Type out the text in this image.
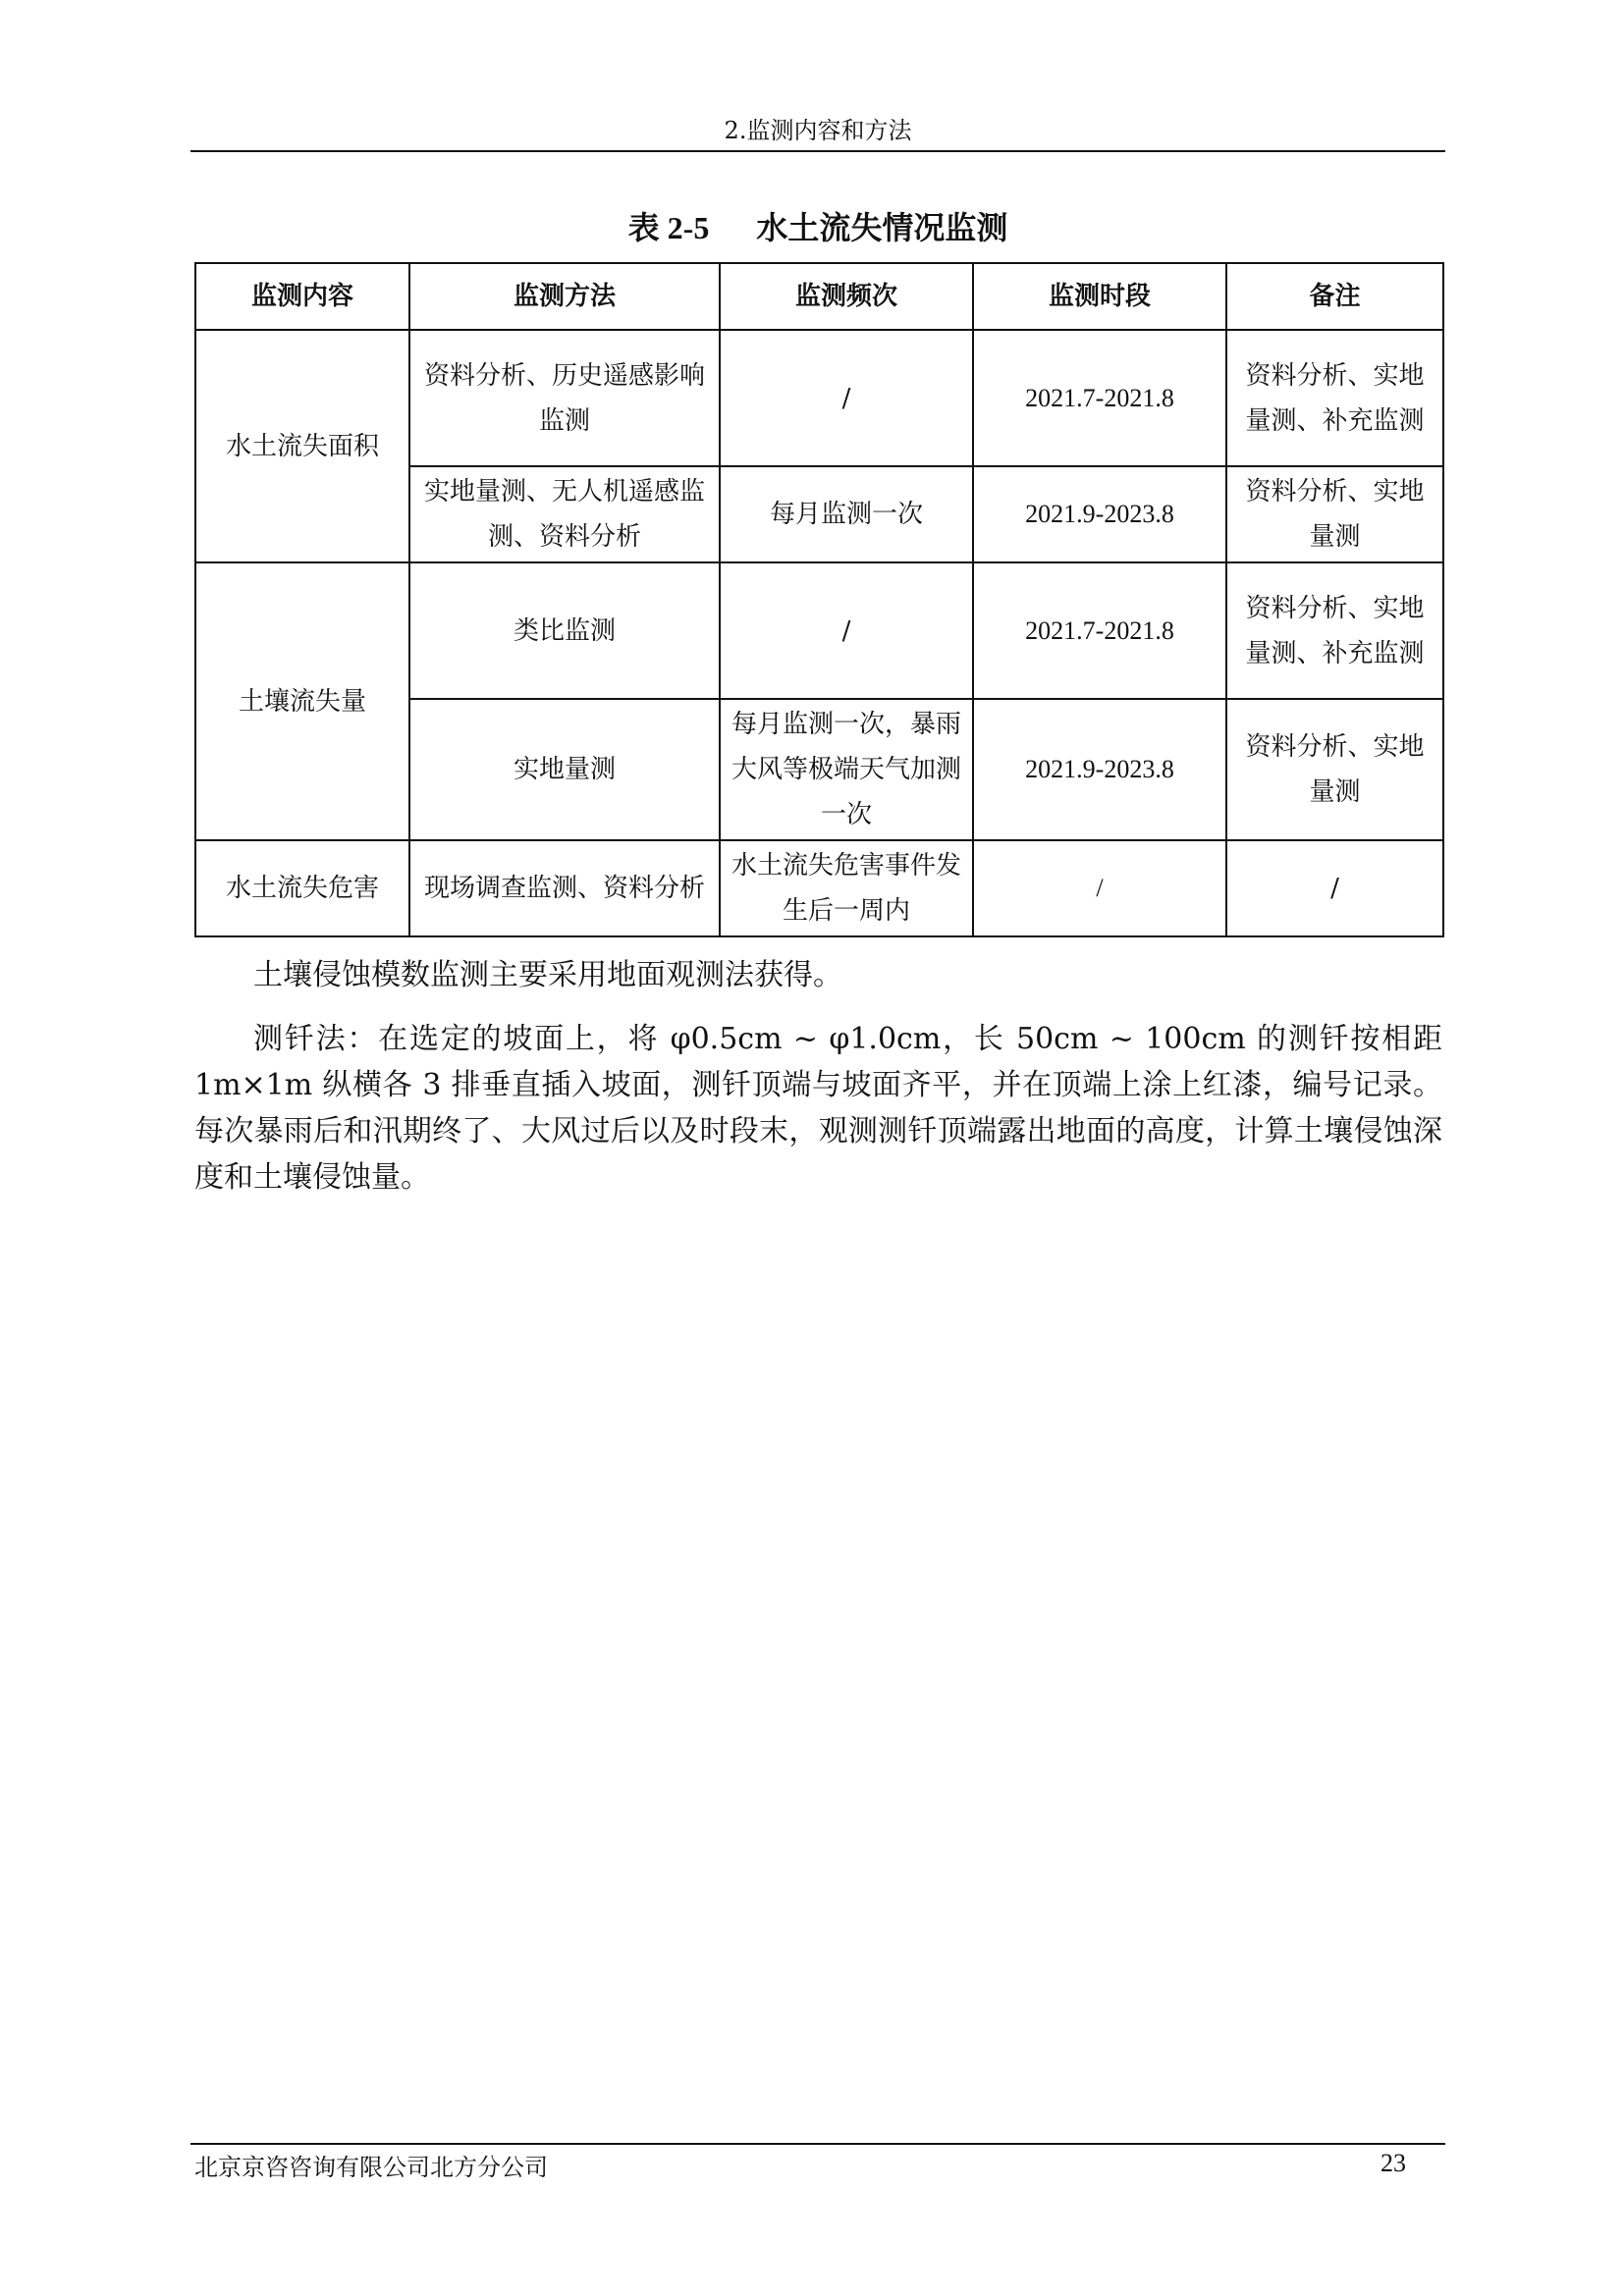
2.监测内容和方法
表 2-5 水土流失情况监测
监测内容	监测方法	监测频次	监测时段	备注
水土流失面积	资料分析、历史遥感影响监测	/	2021.7-2021.8	资料分析、实地量测、补充监测
	实地量测、无人机遥感监测、资料分析	每月监测一次	2021.9-2023.8	资料分析、实地量测
土壤流失量	类比监测	/	2021.7-2021.8	资料分析、实地量测、补充监测
	实地量测	每月监测一次，暴雨大风等极端天气加测一次	2021.9-2023.8	资料分析、实地量测
水土流失危害	现场调查监测、资料分析	水土流失危害事件发生后一周内	/	/

土壤侵蚀模数监测主要采用地面观测法获得。

测钎法：在选定的坡面上，将 φ0.5cm ~ φ1.0cm，长 50cm ~ 100cm 的测钎按相距 1m×1m 纵横各 3 排垂直插入坡面，测钎顶端与坡面齐平，并在顶端上涂上红漆，编号记录。每次暴雨后和汛期终了、大风过后以及时段末，观测测钎顶端露出地面的高度，计算土壤侵蚀深度和土壤侵蚀量。

北京京咨咨询有限公司北方分公司	23
